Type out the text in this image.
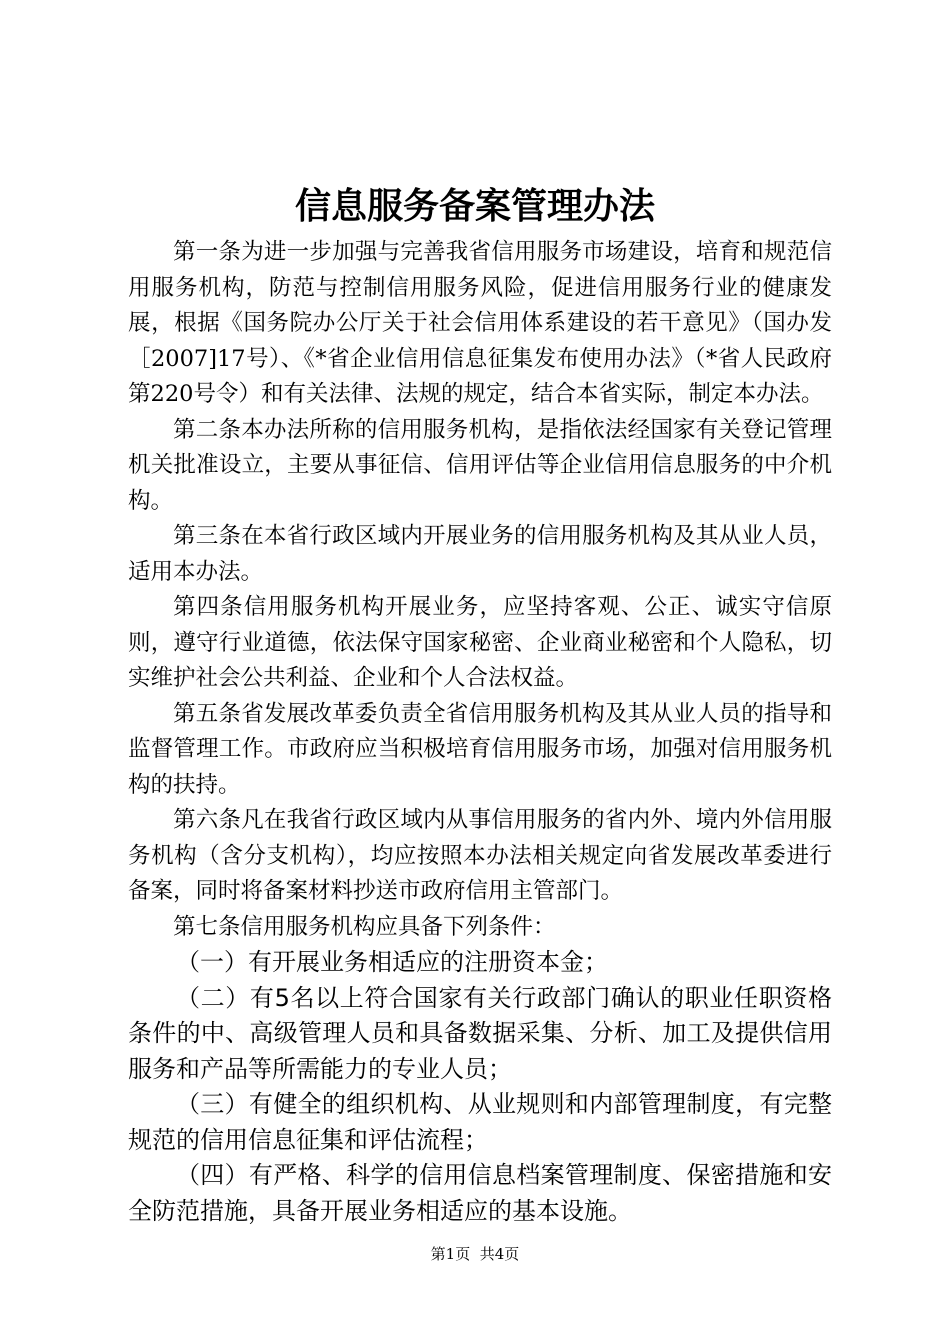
信息服务备案管理办法

第一条为进一步加强与完善我省信用服务市场建设，培育和规范信用服务机构，防范与控制信用服务风险，促进信用服务行业的健康发展，根据《国务院办公厅关于社会信用体系建设的若干意见》（国办发［2007]17号）、《*省企业信用信息征集发布使用办法》（*省人民政府第220号令）和有关法律、法规的规定，结合本省实际，制定本办法。

第二条本办法所称的信用服务机构，是指依法经国家有关登记管理机关批准设立，主要从事征信、信用评估等企业信用信息服务的中介机构。

第三条在本省行政区域内开展业务的信用服务机构及其从业人员，适用本办法。

第四条信用服务机构开展业务，应坚持客观、公正、诚实守信原则，遵守行业道德，依法保守国家秘密、企业商业秘密和个人隐私，切实维护社会公共利益、企业和个人合法权益。

第五条省发展改革委负责全省信用服务机构及其从业人员的指导和监督管理工作。市政府应当积极培育信用服务市场，加强对信用服务机构的扶持。

第六条凡在我省行政区域内从事信用服务的省内外、境内外信用服务机构（含分支机构），均应按照本办法相关规定向省发展改革委进行备案，同时将备案材料抄送市政府信用主管部门。

第七条信用服务机构应具备下列条件：

（一）有开展业务相适应的注册资本金；

（二）有5名以上符合国家有关行政部门确认的职业任职资格条件的中、高级管理人员和具备数据采集、分析、加工及提供信用服务和产品等所需能力的专业人员；

（三）有健全的组织机构、从业规则和内部管理制度，有完整规范的信用信息征集和评估流程；

（四）有严格、科学的信用信息档案管理制度、保密措施和安全防范措施，具备开展业务相适应的基本设施。

第1页 共4页
